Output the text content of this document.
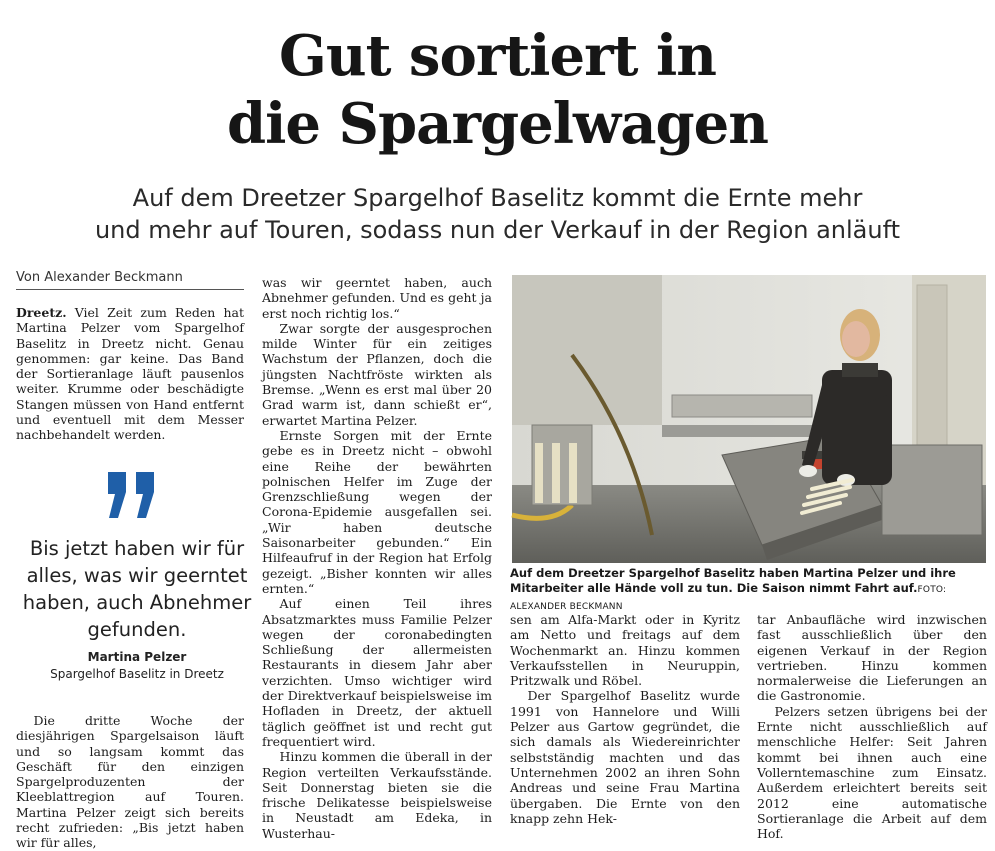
Gut sortiert in
die Spargelwagen
Auf dem Dreetzer Spargelhof Baselitz kommt die Ernte mehr
und mehr auf Touren, sodass nun der Verkauf in der Region anläuft
Von Alexander Beckmann

Dreetz. Viel Zeit zum Reden hat Martina Pelzer vom Spargelhof Baselitz in Dreetz nicht. Genau genommen: gar keine. Das Band der Sortieranlage läuft pausenlos weiter. Krumme oder beschädigte Stangen müssen von Hand entfernt und eventuell mit dem Messer nachbehandelt werden.

Bis jetzt haben wir für alles, was wir geerntet haben, auch Abnehmer gefunden.
Martina Pelzer
Spargelhof Baselitz in Dreetz

Die dritte Woche der diesjährigen Spargelsaison läuft und so langsam kommt das Geschäft für den einzigen Spargelproduzenten der Kleeblattregion auf Touren. Martina Pelzer zeigt sich bereits recht zufrieden: „Bis jetzt haben wir für alles,

was wir geerntet haben, auch Abnehmer gefunden. Und es geht ja erst noch richtig los.“

Zwar sorgte der ausgesprochen milde Winter für ein zeitiges Wachstum der Pflanzen, doch die jüngsten Nachtfröste wirkten als Bremse. „Wenn es erst mal über 20 Grad warm ist, dann schießt er“, erwartet Martina Pelzer.

Ernste Sorgen mit der Ernte gebe es in Dreetz nicht – obwohl eine Reihe der bewährten polnischen Helfer im Zuge der Grenzschließung wegen der Corona-Epidemie ausgefallen sei. „Wir haben deutsche Saisonarbeiter gebunden.“ Ein Hilfeaufruf in der Region hat Erfolg gezeigt. „Bisher konnten wir alles ernten.“

Auf einen Teil ihres Absatzmarktes muss Familie Pelzer wegen der coronabedingten Schließung der allermeisten Restaurants in diesem Jahr aber verzichten. Umso wichtiger wird der Direktverkauf beispielsweise im Hofladen in Dreetz, der aktuell täglich geöffnet ist und recht gut frequentiert wird.

Hinzu kommen die überall in der Region verteilten Verkaufsstände. Seit Donnerstag bieten sie die frische Delikatesse beispielsweise in Neustadt am Edeka, in Wusterhau-

Auf dem Dreetzer Spargelhof Baselitz haben Martina Pelzer und ihre Mitarbeiter alle Hände voll zu tun. Die Saison nimmt Fahrt auf.FOTO: ALEXANDER BECKMANN

sen am Alfa-Markt oder in Kyritz am Netto und freitags auf dem Wochenmarkt an. Hinzu kommen Verkaufsstellen in Neuruppin, Pritzwalk und Röbel.

Der Spargelhof Baselitz wurde 1991 von Hannelore und Willi Pelzer aus Gartow gegründet, die sich damals als Wiedereinrichter selbstständig machten und das Unternehmen 2002 an ihren Sohn Andreas und seine Frau Martina übergaben. Die Ernte von den knapp zehn Hek-

tar Anbaufläche wird inzwischen fast ausschließlich über den eigenen Verkauf in der Region vertrieben. Hinzu kommen normalerweise die Lieferungen an die Gastronomie.

Pelzers setzen übrigens bei der Ernte nicht ausschließlich auf menschliche Helfer: Seit Jahren kommt bei ihnen auch eine Vollerntemaschine zum Einsatz. Außerdem erleichtert bereits seit 2012 eine automatische Sortieranlage die Arbeit auf dem Hof.
